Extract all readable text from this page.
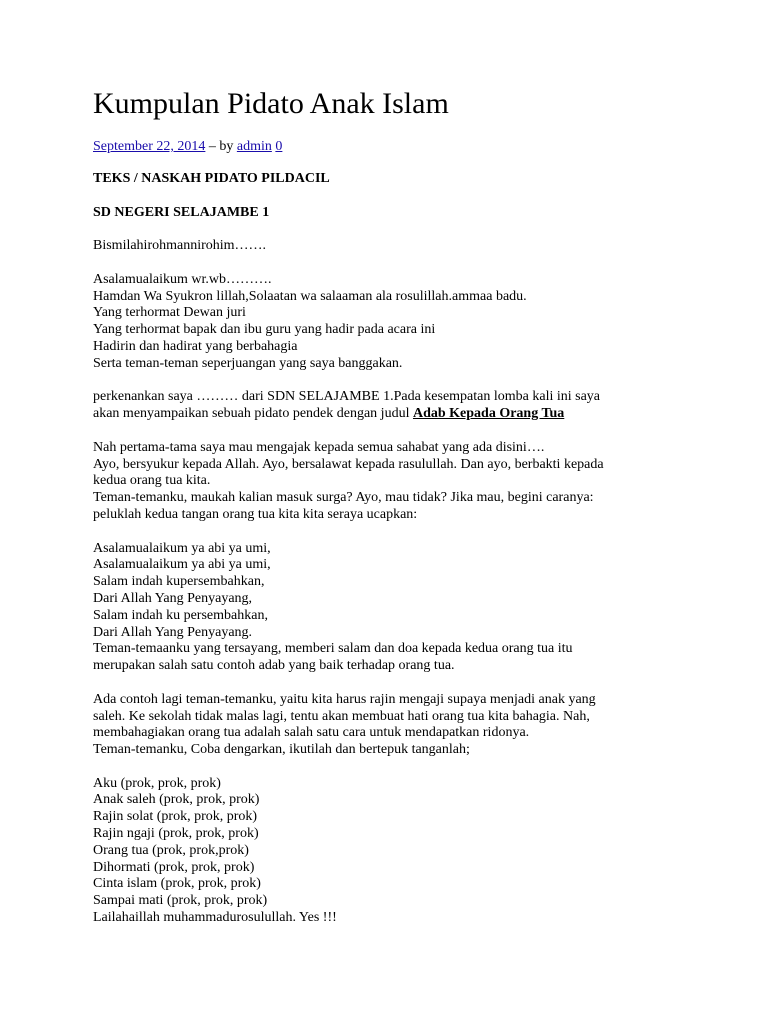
Kumpulan Pidato Anak Islam
September 22, 2014 – by admin 0

TEKS / NASKAH PIDATO PILDACIL

SD NEGERI SELAJAMBE 1

Bismilahirohmannirohim…….

Asalamualaikum wr.wb……….
Hamdan Wa Syukron lillah,Solaatan wa salaaman ala rosulillah.ammaa badu.
Yang terhormat Dewan juri
Yang terhormat bapak dan ibu guru yang hadir pada acara ini
Hadirin dan hadirat yang berbahagia
Serta teman-teman seperjuangan yang saya banggakan.

perkenankan saya ……… dari SDN SELAJAMBE 1.Pada kesempatan lomba kali ini saya
akan menyampaikan sebuah pidato pendek dengan judul Adab Kepada Orang Tua

Nah pertama-tama saya mau mengajak kepada semua sahabat yang ada disini….
Ayo, bersyukur kepada Allah. Ayo, bersalawat kepada rasulullah. Dan ayo, berbakti kepada
kedua orang tua kita.
Teman-temanku, maukah kalian masuk surga? Ayo, mau tidak? Jika mau, begini caranya:
peluklah kedua tangan orang tua kita kita seraya ucapkan:

Asalamualaikum ya abi ya umi,
Asalamualaikum ya abi ya umi,
Salam indah kupersembahkan,
Dari Allah Yang Penyayang,
Salam indah ku persembahkan,
Dari Allah Yang Penyayang.
Teman-temaanku yang tersayang, memberi salam dan doa kepada kedua orang tua itu
merupakan salah satu contoh adab yang baik terhadap orang tua.

Ada contoh lagi teman-temanku, yaitu kita harus rajin mengaji supaya menjadi anak yang
saleh. Ke sekolah tidak malas lagi, tentu akan membuat hati orang tua kita bahagia. Nah,
membahagiakan orang tua adalah salah satu cara untuk mendapatkan ridonya.
Teman-temanku, Coba dengarkan, ikutilah dan bertepuk tanganlah;

Aku (prok, prok, prok)
Anak saleh (prok, prok, prok)
Rajin solat (prok, prok, prok)
Rajin ngaji (prok, prok, prok)
Orang tua (prok, prok,prok)
Dihormati (prok, prok, prok)
Cinta islam (prok, prok, prok)
Sampai mati (prok, prok, prok)
Lailahaillah muhammadurosulullah. Yes !!!
